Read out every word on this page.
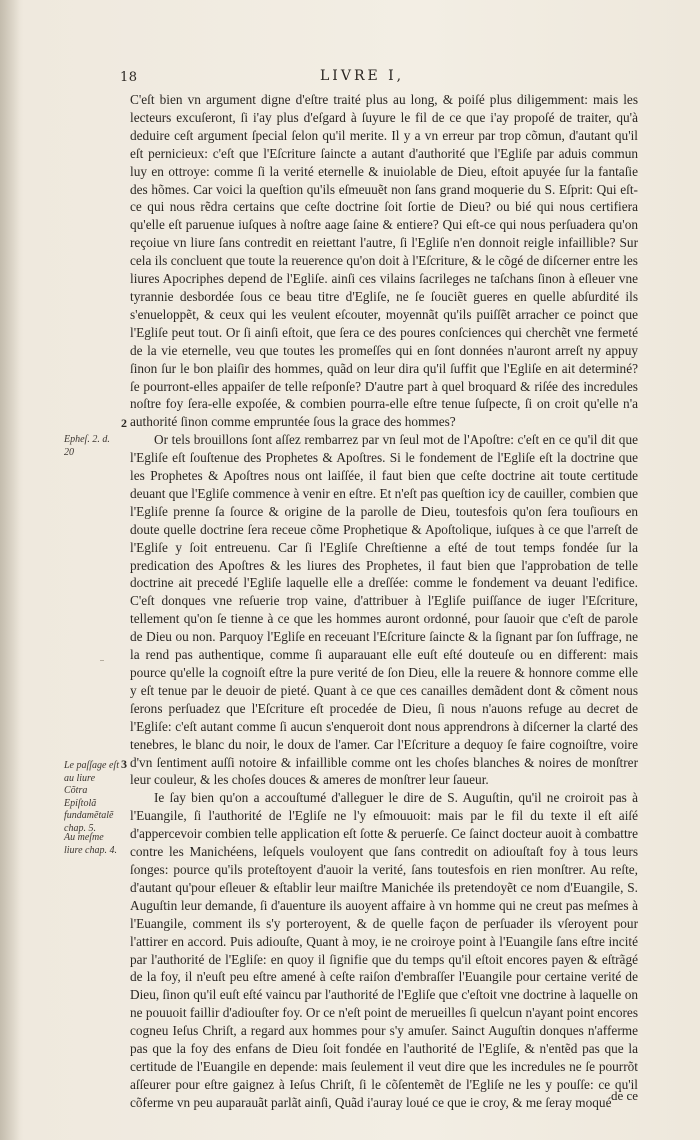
18	LIVRE I,

C'eſt bien vn argument digne d'eſtre traité plus au long, & poiſé plus diligemment: mais les lecteurs excuſeront, ſi i'ay plus d'eſgard à ſuyure le fil de ce que i'ay propoſé de traiter, qu'à deduire ceſt argument ſpecial ſelon qu'il merite. Il y a vn erreur par trop cõmun, d'autant qu'il eſt pernicieux: c'eſt que l'Eſcriture ſaincte a autant d'authorité que l'Egliſe par aduis commun luy en ottroye: comme ſi la verité eternelle & inuiolable de Dieu, eſtoit apuyée ſur la fantaſie des hõmes. Car voici la queſtion qu'ils eſmeuuẽt non ſans grand moquerie du S. Eſprit: Qui eſt-ce qui nous rẽdra certains que ceſte doctrine ſoit ſortie de Dieu? ou bié qui nous certifiera qu'elle eſt paruenue iuſques à noſtre aage ſaine & entiere? Qui eſt-ce qui nous perſuadera qu'on reçoiue vn liure ſans contredit en reiettant l'autre, ſi l'Egliſe n'en donnoit reigle infaillible? Sur cela ils concluent que toute la reuerence qu'on doit à l'Eſcriture, & le cõgé de diſcerner entre les liures Apocriphes depend de l'Egliſe. ainſi ces vilains ſacrileges ne taſchans ſinon à eſleuer vne tyrannie desbordée ſous ce beau titre d'Egliſe, ne ſe ſouciẽt gueres en quelle abſurdité ils s'enueloppẽt, & ceux qui les veulent eſcouter, moyennãt qu'ils puiſſẽt arracher ce poinct que l'Egliſe peut tout. Or ſi ainſi eſtoit, que ſera ce des poures conſciences qui cherchẽt vne fermeté de la vie eternelle, veu que toutes les promeſſes qui en ſont données n'auront arreſt ny appuy ſinon ſur le bon plaiſir des hommes, quãd on leur dira qu'il ſuffit que l'Egliſe en ait determiné? ſe pourront-elles appaiſer de telle reſponſe? D'autre part à quel broquard & riſée des incredules noſtre foy ſera-elle expoſée, & combien pourra-elle eſtre tenue ſuſpecte, ſi on croit qu'elle n'a authorité ſinon comme empruntée ſous la grace des hommes?

Or tels brouillons ſont aſſez rembarrez par vn ſeul mot de l'Apoſtre: c'eſt en ce qu'il dit que l'Egliſe eſt ſouſtenue des Prophetes & Apoſtres. Si le fondement de l'Egliſe eſt la doctrine que les Prophetes & Apoſtres nous ont laiſſée, il faut bien que ceſte doctrine ait toute certitude deuant que l'Egliſe commence à venir en eſtre. Et n'eſt pas queſtion icy de cauiller, combien que l'Egliſe prenne ſa ſource & origine de la parolle de Dieu, toutesfois qu'on ſera touſiours en doute quelle doctrine ſera receue cõme Prophetique & Apoſtolique, iuſques à ce que l'arreſt de l'Egliſe y ſoit entreuenu. Car ſi l'Egliſe Chreſtienne a eſté de tout temps fondée ſur la predication des Apoſtres & les liures des Prophetes, il faut bien que l'approbation de telle doctrine ait precedé l'Egliſe laquelle elle a dreſſée: comme le fondement va deuant l'edifice. C'eſt donques vne reſuerie trop vaine, d'attribuer à l'Egliſe puiſſance de iuger l'Eſcriture, tellement qu'on ſe tienne à ce que les hommes auront ordonné, pour ſauoir que c'eſt de parole de Dieu ou non. Parquoy l'Egliſe en receuant l'Eſcriture ſaincte & la ſignant par ſon ſuffrage, ne la rend pas authentique, comme ſi auparauant elle euſt eſté douteuſe ou en different: mais pource qu'elle la cognoiſt eſtre la pure verité de ſon Dieu, elle la reuere & honnore comme elle y eſt tenue par le deuoir de pieté. Quant à ce que ces canailles demãdent dont & cõment nous ſerons perſuadez que l'Eſcriture eſt procedée de Dieu, ſi nous n'auons refuge au decret de l'Egliſe: c'eſt autant comme ſi aucun s'enqueroit dont nous apprendrons à diſcerner la clarté des tenebres, le blanc du noir, le doux de l'amer. Car l'Eſcriture a dequoy ſe faire cognoiſtre, voire d'vn ſentiment auſſi notoire & infaillible comme ont les choſes blanches & noires de monſtrer leur couleur, & les choſes douces & ameres de monſtrer leur ſaueur.

Ie ſay bien qu'on a accouſtumé d'alleguer le dire de S. Auguſtin, qu'il ne croiroit pas à l'Euangile, ſi l'authorité de l'Egliſe ne l'y eſmouuoit: mais par le fil du texte il eſt aiſé d'appercevoir combien telle application eſt ſotte & peruerſe. Ce ſainct docteur auoit à combattre contre les Manichéens, leſquels vouloyent que ſans contredit on adiouſtaſt foy à tous leurs ſonges: pource qu'ils proteſtoyent d'auoir la verité, ſans toutesfois en rien monſtrer. Au reſte, d'autant qu'pour eſleuer & eſtablir leur maiſtre Manichée ils pretendoyẽt ce nom d'Euangile, S. Auguſtin leur demande, ſi d'auenture ils auoyent affaire à vn homme qui ne creut pas meſmes à l'Euangile, comment ils s'y porteroyent, & de quelle façon de perſuader ils vſeroyent pour l'attirer en accord. Puis adiouſte, Quant à moy, ie ne croiroye point à l'Euangile ſans eſtre incité par l'authorité de l'Egliſe: en quoy il ſignifie que du temps qu'il eſtoit encores payen & eſtrãgé de la foy, il n'euſt peu eſtre amené à ceſte raiſon d'embraſſer l'Euangile pour certaine verité de Dieu, ſinon qu'il euſt eſté vaincu par l'authorité de l'Egliſe que c'eſtoit vne doctrine à laquelle on ne pouuoit faillir d'adiouſter foy. Or ce n'eſt point de merueilles ſi quelcun n'ayant point encores cogneu Ieſus Chriſt, a regard aux hommes pour s'y amuſer. Sainct Auguſtin donques n'afferme pas que la foy des enfans de Dieu ſoit fondée en l'authorité de l'Egliſe, & n'entẽd pas que la certitude de l'Euangile en depende: mais ſeulement il veut dire que les incredules ne ſe pourrõt aſſeurer pour eſtre gaignez à Ieſus Chriſt, ſi le cõſentemẽt de l'Egliſe ne les y pouſſe: ce qu'il cõferme vn peu auparauãt parlãt ainſi, Quãd i'auray loué ce que ie croy, & me ſeray moqué

2
3
Epheſ. 2. d. 20
Le paſſage eſt au liure Cõtra Epiſtolã fundamẽtalẽ chap. 5.
Au meſme liure chap. 4.
de ce
